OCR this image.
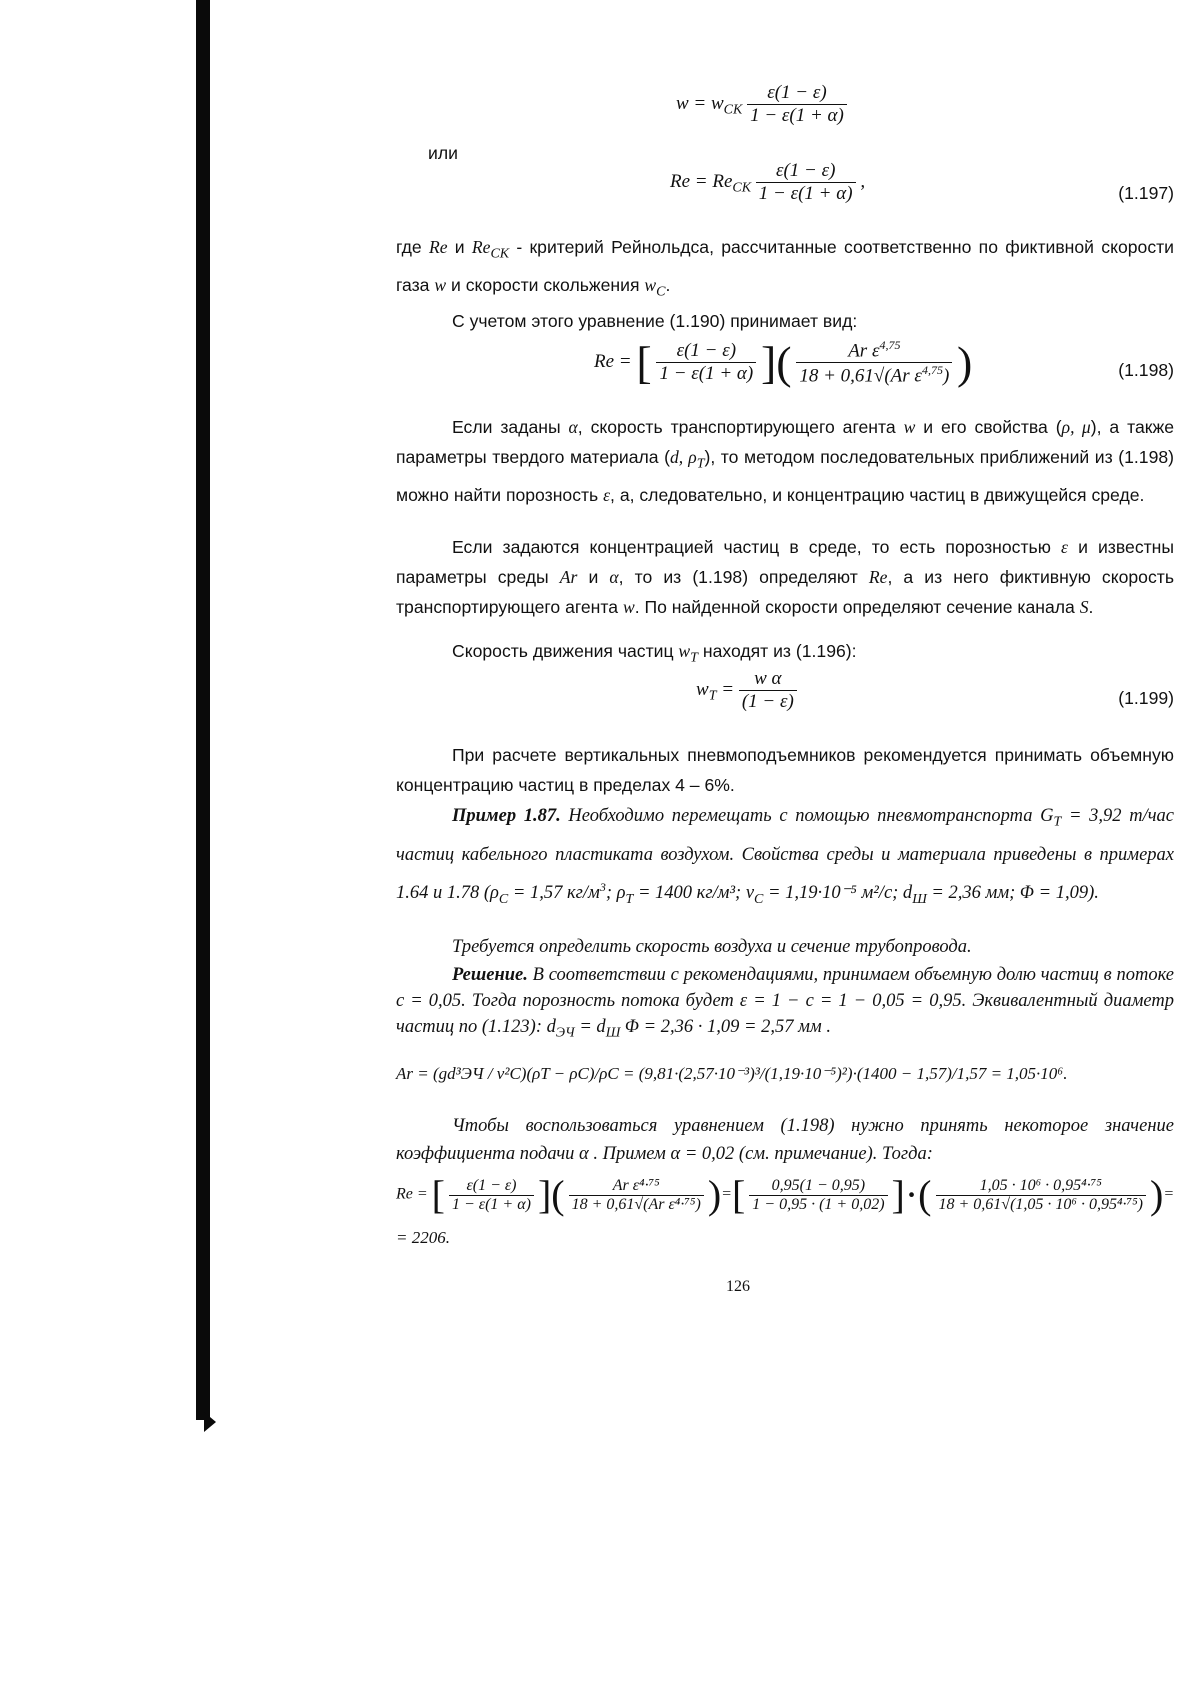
$w = w_{СК} \frac{\varepsilon(1 - \varepsilon)}{1 - \varepsilon(1 + \alpha)}$
или
$Re = Re_{СК} \frac{\varepsilon(1 - \varepsilon)}{1 - \varepsilon(1 + \alpha)}$ ,
(1.197)
где Re и $Re_{СК}$ - критерий Рейнольдса, рассчитанные соответственно по фиктивной скорости газа w и скорости скольжения $w_C$.
С учетом этого уравнение (1.190) принимает вид:
Re = [ $\frac{\varepsilon(1 - \varepsilon)}{1 - \varepsilon(1 + \alpha)}$ ]( $\frac{Ar \varepsilon^{4,75}}{18 + 0,61√(Ar \varepsilon^{4,75})}$ )	(1.198)
Если заданы α, скорость транспортирующего агента w и его свойства (ρ, μ), а также параметры твердого материала (d, $\rho_T$), то методом последовательных приближений из (1.198) можно найти порозность ε, а, следовательно, и концентрацию частиц в движущейся среде.
Если задаются концентрацией частиц в среде, то есть порозностью ε и известны параметры среды Ar и α, то из (1.198) определяют Re, а из него фиктивную скорость транспортирующего агента w. По найденной скорости определяют сечение канала S.
Скорость движения частиц $w_T$ находят из (1.196):
$w_T = \frac{\text{w α}}{(1 - \varepsilon)}$	(1.199)
При расчете вертикальных пневмоподъемников рекомендуется принимать объемную концентрацию частиц в пределах 4 – 6%.
Пример 1.87. Необходимо перемещать с помощью пневмотранспорта $G_T = 3,92$ т/час частиц кабельного пластиката воздухом. Свойства среды и материала приведены в примерах 1.64 и 1.78 ($\rho_C = 1,57$ $кг/м^3$; $\rho_T = 1400$ кг/м³; $\nu_C = 1,19\cdot 10^{-5}$ м²/с; $d_Ш = 2,36$ мм; Φ = 1,09).
Требуется определить скорость воздуха и сечение трубопровода.
Решение. В соответствии с рекомендациями, принимаем объемную долю частиц в потоке c = 0,05. Тогда порозность потока будет ε = 1 − c = 1 − 0,05 = 0,95. Эквивалентный диаметр частиц по (1.123): $d_{ЭЧ} = d_Ш$ Φ = 2,36 · 1,09 = 2,57 мм .
Ar = (gd³ЭЧ / ν²C)(ρT − ρC)/ρC = (9,81·(2,57·10⁻³)³/(1,19·10⁻⁵)²)·(1400 − 1,57)/1,57 = 1,05·10⁶.
Чтобы воспользоваться уравнением (1.198) нужно принять некоторое значение коэффициента подачи α . Примем α = 0,02 (см. примечание). Тогда:
Re = [ $\frac{\varepsilon(1 - \varepsilon)}{1 - \varepsilon(1 + \alpha)}$ ]( $\frac{\text{Ar ε⁴·⁷⁵}}{\text{18 + 0,61√(Ar ε⁴·⁷⁵)}}$ )=[ $\frac{0,95(1 - 0,95)}{1 - 0,95 \cdot (1 + 0,02)}$ ]·( $\frac{\text{1,05 · 10⁶ · 0,95⁴·⁷⁵}}{\text{18 + 0,61√(1,05 · 10⁶ · 0,95⁴·⁷⁵)}}$ )=
= 2206.
126
